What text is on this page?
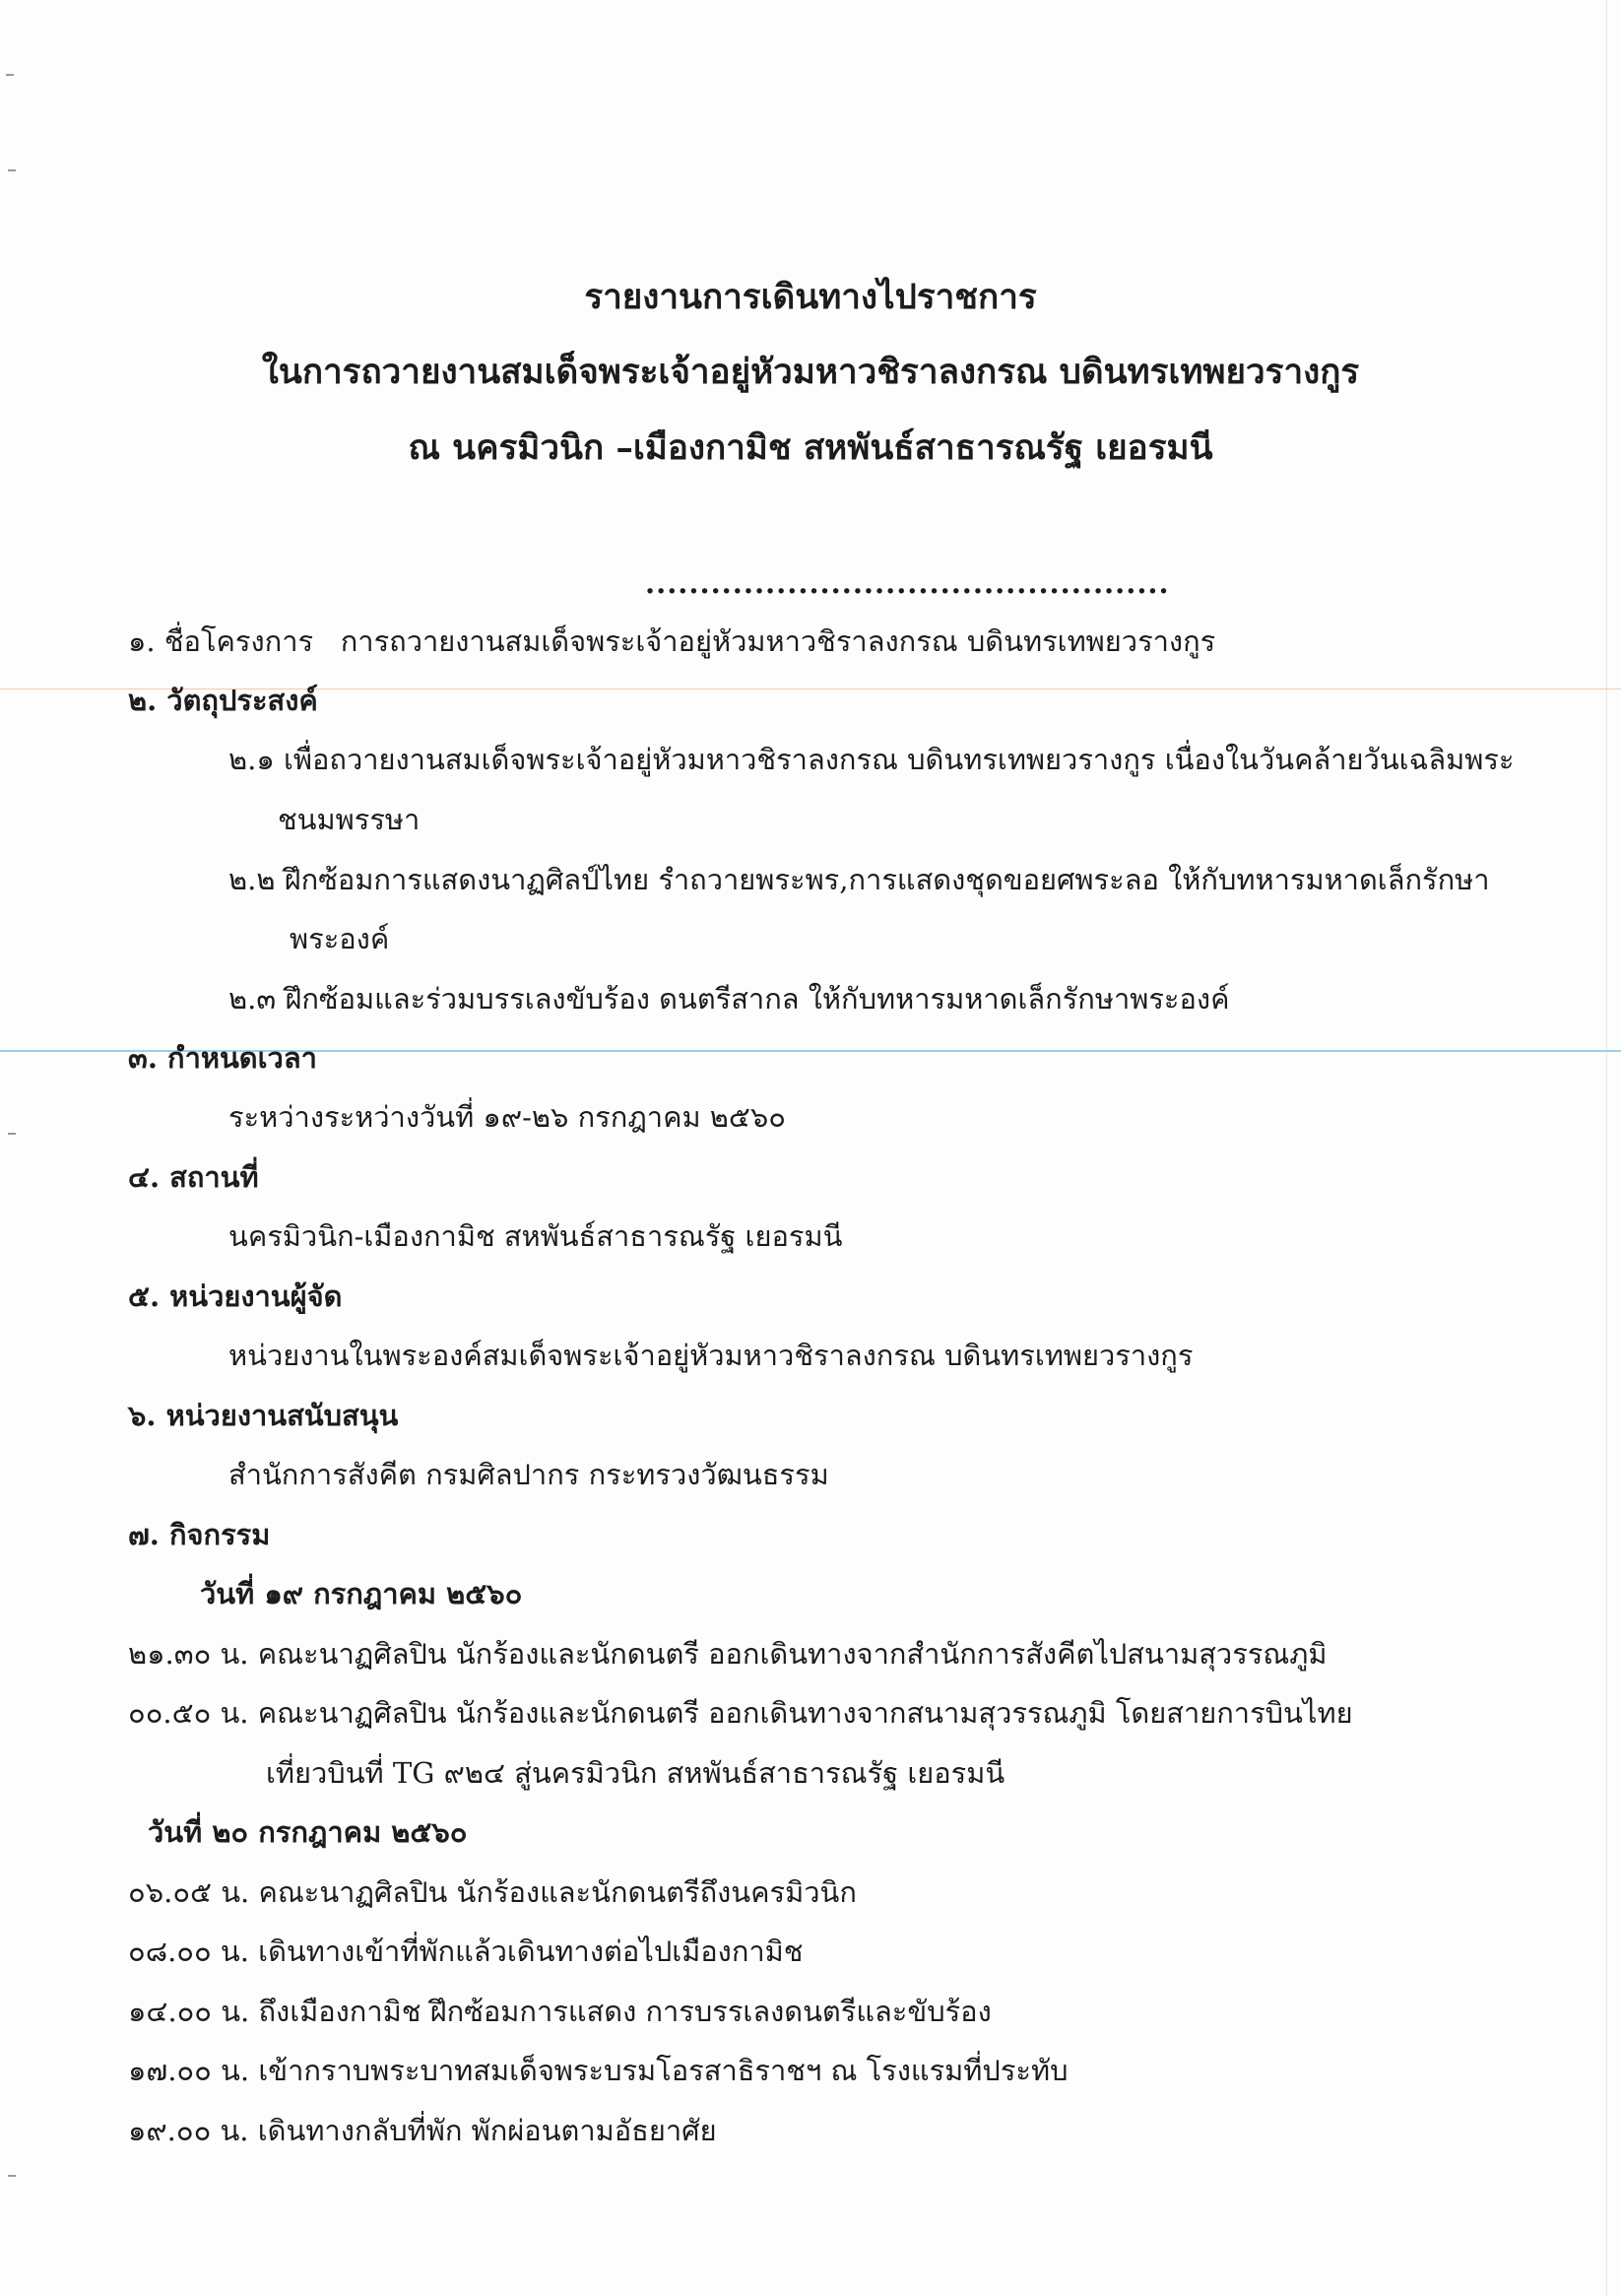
รายงานการเดินทางไปราชการ
ในการถวายงานสมเด็จพระเจ้าอยู่หัวมหาวชิราลงกรณ บดินทรเทพยวรางกูร
ณ นครมิวนิก –เมืองกามิช สหพันธ์สาธารณรัฐ เยอรมนี
................................................
๑. ชื่อโครงการ การถวายงานสมเด็จพระเจ้าอยู่หัวมหาวชิราลงกรณ บดินทรเทพยวรางกูร
๒. วัตถุประสงค์
๒.๑ เพื่อถวายงานสมเด็จพระเจ้าอยู่หัวมหาวชิราลงกรณ บดินทรเทพยวรางกูร เนื่องในวันคล้ายวันเฉลิมพระ
ชนมพรรษา
๒.๒ ฝึกซ้อมการแสดงนาฏศิลป์ไทย รำถวายพระพร,การแสดงชุดขอยศพระลอ ให้กับทหารมหาดเล็กรักษา
พระองค์
๒.๓ ฝึกซ้อมและร่วมบรรเลงขับร้อง ดนตรีสากล ให้กับทหารมหาดเล็กรักษาพระองค์
๓. กำหนดเวลา
ระหว่างระหว่างวันที่ ๑๙-๒๖ กรกฎาคม ๒๕๖๐
๔. สถานที่
นครมิวนิก-เมืองกามิช สหพันธ์สาธารณรัฐ เยอรมนี
๕. หน่วยงานผู้จัด
หน่วยงานในพระองค์สมเด็จพระเจ้าอยู่หัวมหาวชิราลงกรณ บดินทรเทพยวรางกูร
๖. หน่วยงานสนับสนุน
สำนักการสังคีต กรมศิลปากร กระทรวงวัฒนธรรม
๗. กิจกรรม
วันที่ ๑๙ กรกฎาคม ๒๕๖๐
๒๑.๓๐ น. คณะนาฏศิลปิน นักร้องและนักดนตรี ออกเดินทางจากสำนักการสังคีตไปสนามสุวรรณภูมิ
๐๐.๕๐ น. คณะนาฏศิลปิน นักร้องและนักดนตรี ออกเดินทางจากสนามสุวรรณภูมิ โดยสายการบินไทย
เที่ยวบินที่ TG ๙๒๔ สู่นครมิวนิก สหพันธ์สาธารณรัฐ เยอรมนี
วันที่ ๒๐ กรกฎาคม ๒๕๖๐
๐๖.๐๕ น. คณะนาฏศิลปิน นักร้องและนักดนตรีถึงนครมิวนิก
๐๘.๐๐ น. เดินทางเข้าที่พักแล้วเดินทางต่อไปเมืองกามิช
๑๔.๐๐ น. ถึงเมืองกามิช ฝึกซ้อมการแสดง การบรรเลงดนตรีและขับร้อง
๑๗.๐๐ น. เข้ากราบพระบาทสมเด็จพระบรมโอรสาธิราชฯ ณ โรงแรมที่ประทับ
๑๙.๐๐ น. เดินทางกลับที่พัก พักผ่อนตามอัธยาศัย
